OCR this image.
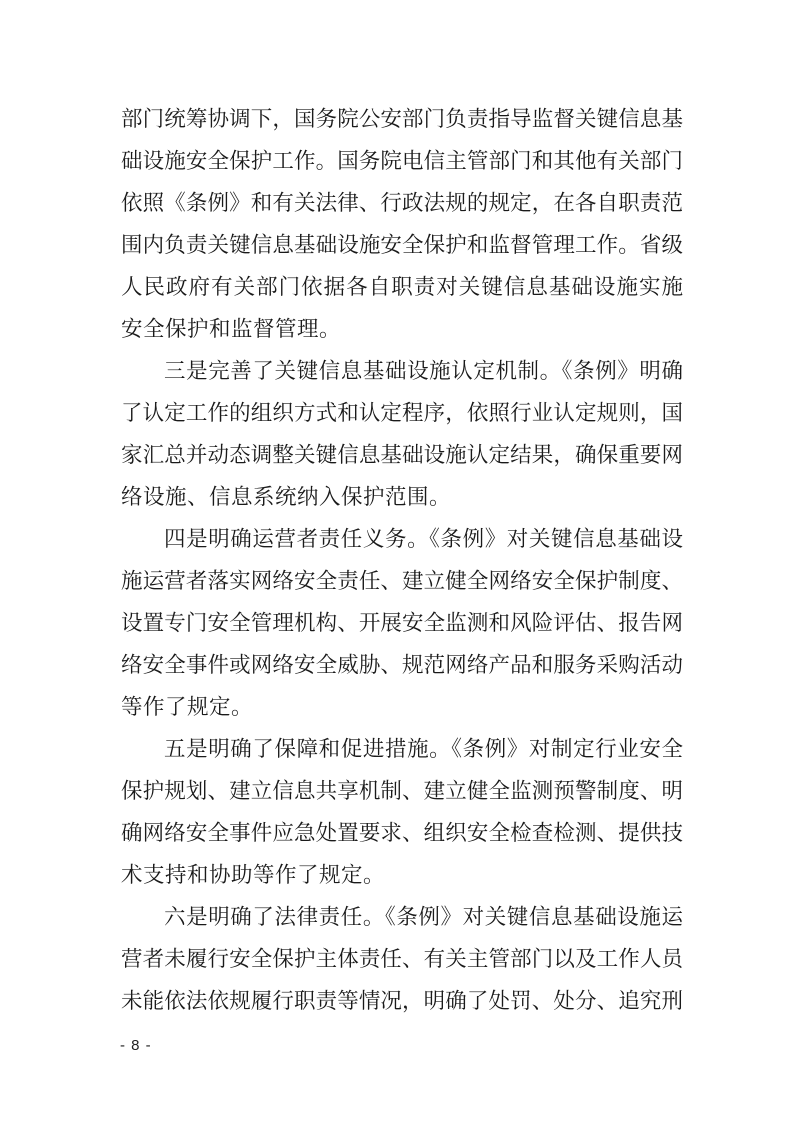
部门统筹协调下，国务院公安部门负责指导监督关键信息基
础设施安全保护工作。国务院电信主管部门和其他有关部门
依照《条例》和有关法律、行政法规的规定，在各自职责范
围内负责关键信息基础设施安全保护和监督管理工作。省级
人民政府有关部门依据各自职责对关键信息基础设施实施
安全保护和监督管理。
三是完善了关键信息基础设施认定机制。《条例》明确
了认定工作的组织方式和认定程序，依照行业认定规则，国
家汇总并动态调整关键信息基础设施认定结果，确保重要网
络设施、信息系统纳入保护范围。
四是明确运营者责任义务。《条例》对关键信息基础设
施运营者落实网络安全责任、建立健全网络安全保护制度、
设置专门安全管理机构、开展安全监测和风险评估、报告网
络安全事件或网络安全威胁、规范网络产品和服务采购活动
等作了规定。
五是明确了保障和促进措施。《条例》对制定行业安全
保护规划、建立信息共享机制、建立健全监测预警制度、明
确网络安全事件应急处置要求、组织安全检查检测、提供技
术支持和协助等作了规定。
六是明确了法律责任。《条例》对关键信息基础设施运
营者未履行安全保护主体责任、有关主管部门以及工作人员
未能依法依规履行职责等情况，明确了处罚、处分、追究刑
- 8 -
